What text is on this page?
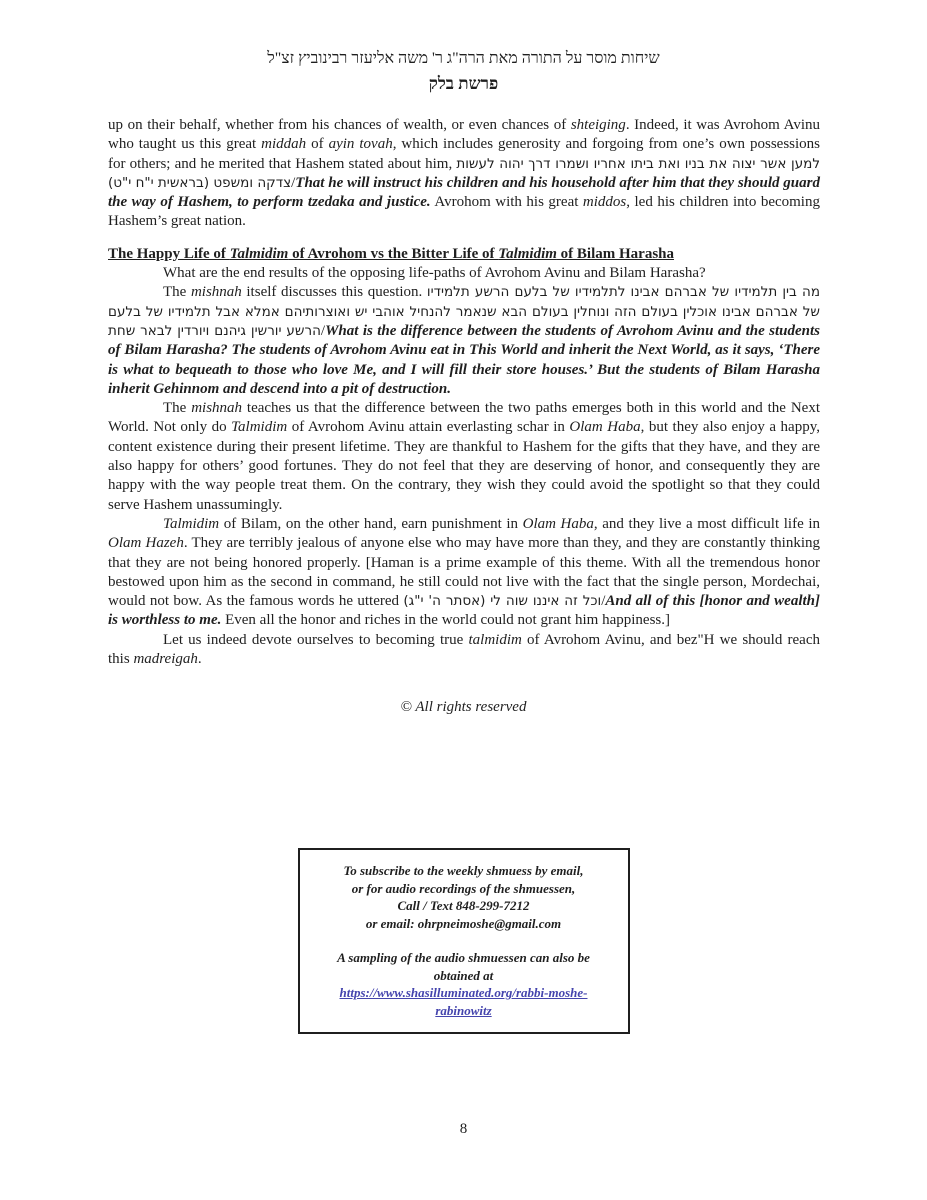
שיחות מוסר על התורה מאת הרה"ג ר' משה אליעזר רבינוביץ זצ"ל
פרשת בלק

up on their behalf, whether from his chances of wealth, or even chances of shteiging. Indeed, it was Avrohom Avinu who taught us this great middah of ayin tovah, which includes generosity and forgoing from one’s own possessions for others; and he merited that Hashem stated about him, למען אשר יצוה את בניו ואת ביתו אחריו ושמרו דרך יהוה לעשות צדקה ומשפט (בראשית י"ח י"ט)/That he will instruct his children and his household after him that they should guard the way of Hashem, to perform tzedaka and justice. Avrohom with his great middos, led his children into becoming Hashem’s great nation.

The Happy Life of Talmidim of Avrohom vs the Bitter Life of Talmidim of Bilam Harasha

What are the end results of the opposing life-paths of Avrohom Avinu and Bilam Harasha?

The mishnah itself discusses this question. מה בין תלמידיו של אברהם אבינו לתלמידיו של בלעם הרשע תלמידיו של אברהם אבינו אוכלין בעולם הזה ונוחלין בעולם הבא שנאמר להנחיל אוהבי יש ואוצרותיהם אמלא אבל תלמידיו של בלעם הרשע יורשין גיהנם ויורדין לבאר שחת/What is the difference between the students of Avrohom Avinu and the students of Bilam Harasha? The students of Avrohom Avinu eat in This World and inherit the Next World, as it says, ‘There is what to bequeath to those who love Me, and I will fill their store houses.’ But the students of Bilam Harasha inherit Gehinnom and descend into a pit of destruction.

The mishnah teaches us that the difference between the two paths emerges both in this world and the Next World. Not only do Talmidim of Avrohom Avinu attain everlasting schar in Olam Haba, but they also enjoy a happy, content existence during their present lifetime. They are thankful to Hashem for the gifts that they have, and they are also happy for others’ good fortunes. They do not feel that they are deserving of honor, and consequently they are happy with the way people treat them. On the contrary, they wish they could avoid the spotlight so that they could serve Hashem unassumingly.

Talmidim of Bilam, on the other hand, earn punishment in Olam Haba, and they live a most difficult life in Olam Hazeh. They are terribly jealous of anyone else who may have more than they, and they are constantly thinking that they are not being honored properly. [Haman is a prime example of this theme. With all the tremendous honor bestowed upon him as the second in command, he still could not live with the fact that the single person, Mordechai, would not bow. As the famous words he uttered וכל זה איננו שוה לי (אסתר ה' י"ג)/And all of this [honor and wealth] is worthless to me. Even all the honor and riches in the world could not grant him happiness.]

Let us indeed devote ourselves to becoming true talmidim of Avrohom Avinu, and bez"H we should reach this madreigah.

© All rights reserved
To subscribe to the weekly shmuess by email,
or for audio recordings of the shmuessen,
Call / Text 848-299-7212
or email: ohrpneimoshe@gmail.com
A sampling of the audio shmuessen can also be obtained at
https://www.shasilluminated.org/rabbi-moshe-rabinowitz
8
